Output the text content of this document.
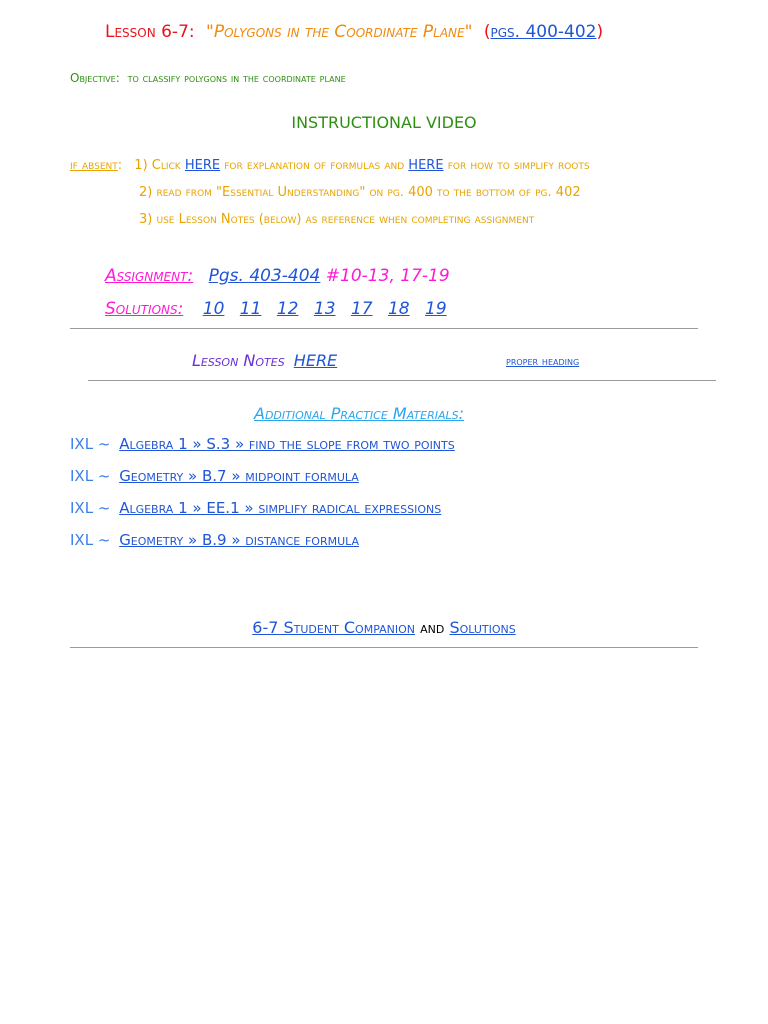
Lesson 6-7: "Polygons in the Coordinate Plane" (pgs. 400-402)
Objective: to classify polygons in the coordinate plane
INSTRUCTIONAL VIDEO
if absent: 1) Click HERE for explanation of formulas and HERE for how to simplify roots
2) read from "Essential Understanding" on pg. 400 to the bottom of pg. 402
3) use Lesson Notes (below) as reference when completing assignment
Assignment: Pgs. 403-404 #10-13, 17-19
Solutions: 10 11 12 13 17 18 19
Lesson Notes HERE	proper heading
Additional Practice Materials:
IXL ~ Algebra 1 » S.3 » find the slope from two points
IXL ~ Geometry » B.7 » midpoint formula
IXL ~ Algebra 1 » EE.1 » simplify radical expressions
IXL ~ Geometry » B.9 » distance formula
6-7 Student Companion and Solutions
